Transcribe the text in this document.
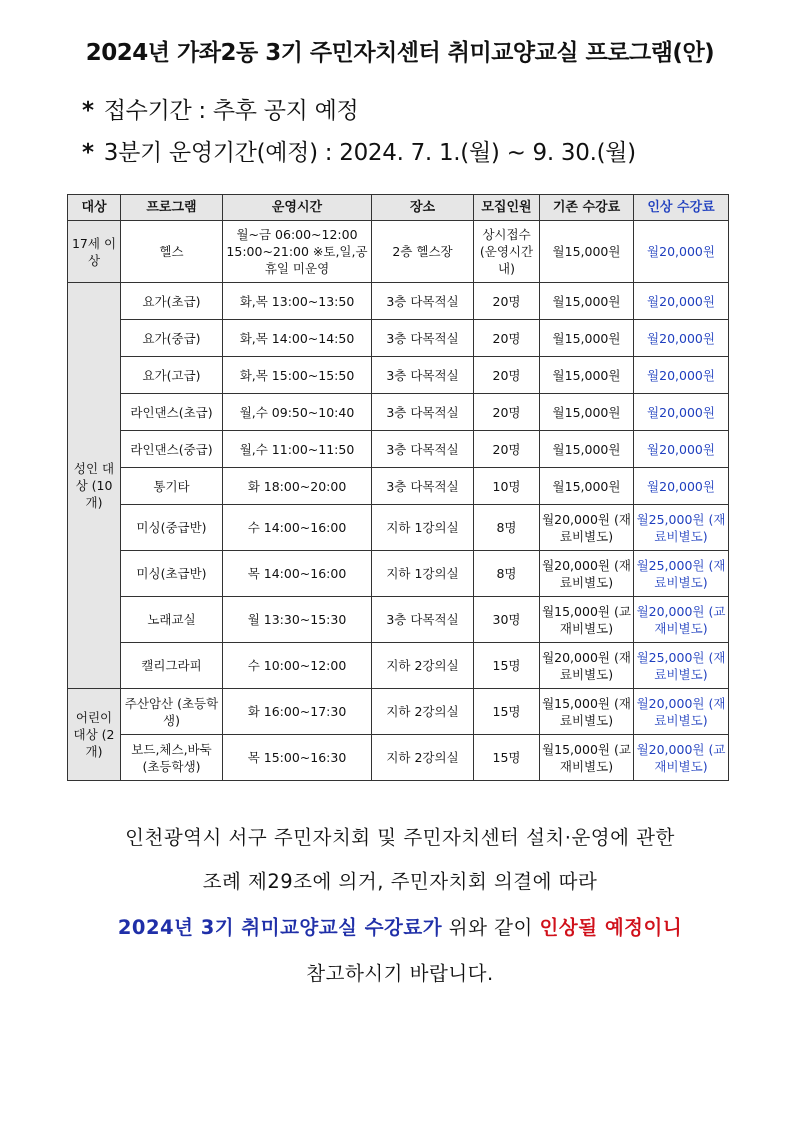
2024년 가좌2동 3기 주민자치센터 취미교양교실 프로그램(안)
* 접수기간 : 추후 공지 예정
* 3분기 운영기간(예정) : 2024. 7. 1.(월) ~ 9. 30.(월)
대상	프로그램	운영시간	장소	모집인원	기존 수강료	인상 수강료
17세 이상	헬스	월~금 06:00~12:00 15:00~21:00 ※토,일,공휴일 미운영	2층 헬스장	상시접수 (운영시간 내)	월15,000원	월20,000원
성인 대상 (10개)	요가(초급)	화,목 13:00~13:50	3층 다목적실	20명	월15,000원	월20,000원
	요가(중급)	화,목 14:00~14:50	3층 다목적실	20명	월15,000원	월20,000원
	요가(고급)	화,목 15:00~15:50	3층 다목적실	20명	월15,000원	월20,000원
	라인댄스(초급)	월,수 09:50~10:40	3층 다목적실	20명	월15,000원	월20,000원
	라인댄스(중급)	월,수 11:00~11:50	3층 다목적실	20명	월15,000원	월20,000원
	통기타	화 18:00~20:00	3층 다목적실	10명	월15,000원	월20,000원
	미싱(중급반)	수 14:00~16:00	지하 1강의실	8명	월20,000원 (재료비별도)	월25,000원 (재료비별도)
	미싱(초급반)	목 14:00~16:00	지하 1강의실	8명	월20,000원 (재료비별도)	월25,000원 (재료비별도)
	노래교실	월 13:30~15:30	3층 다목적실	30명	월15,000원 (교재비별도)	월20,000원 (교재비별도)
	캘리그라피	수 10:00~12:00	지하 2강의실	15명	월20,000원 (재료비별도)	월25,000원 (재료비별도)
어린이 대상 (2개)	주산암산 (초등학생)	화 16:00~17:30	지하 2강의실	15명	월15,000원 (재료비별도)	월20,000원 (재료비별도)
	보드,체스,바둑 (초등학생)	목 15:00~16:30	지하 2강의실	15명	월15,000원 (교재비별도)	월20,000원 (교재비별도)
인천광역시 서구 주민자치회 및 주민자치센터 설치·운영에 관한
조례 제29조에 의거, 주민자치회 의결에 따라
2024년 3기 취미교양교실 수강료가 위와 같이 인상될 예정이니
참고하시기 바랍니다.
